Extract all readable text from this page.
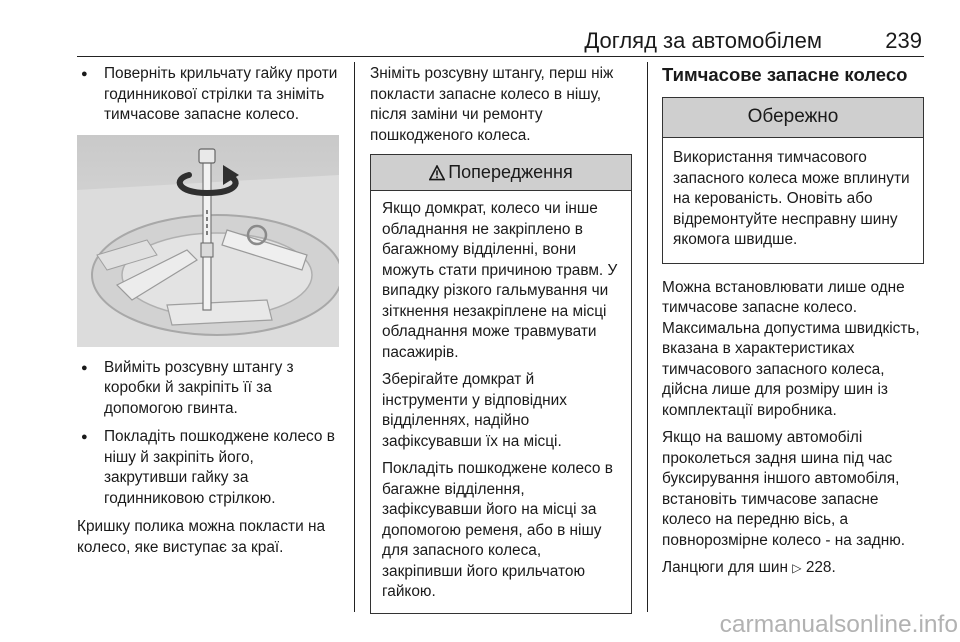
Догляд за автомобілем	239
● Поверніть крильчату гайку проти годинникової стрілки та зніміть тимчасове запасне колесо.
● Вийміть розсувну штангу з коробки й закріпіть її за допомогою гвинта.
● Покладіть пошкоджене колесо в нішу й закріпіть його, закрутивши гайку за годинниковою стрілкою.

Кришку полика можна покласти на колесо, яке виступає за краї.

Зніміть розсувну штангу, перш ніж покласти запасне колесо в нішу, після заміни чи ремонту пошкодженого колеса.

Попередження

Якщо домкрат, колесо чи інше обладнання не закріплено в багажному відділенні, вони можуть стати причиною травм. У випадку різкого гальмування чи зіткнення незакріплене на місці обладнання може травмувати пасажирів.

Зберігайте домкрат й інструменти у відповідних відділеннях, надійно зафіксувавши їх на місці.

Покладіть пошкоджене колесо в багажне відділення, зафіксувавши його на місці за допомогою ременя, або в нішу для запасного колеса, закріпивши його крильчатою гайкою.

Тимчасове запасне колесо
Обережно
Використання тимчасового запасного колеса може вплинути на керованість. Оновіть або відремонтуйте несправну шину якомога швидше.

Можна встановлювати лише одне тимчасове запасне колесо. Максимальна допустима швидкість, вказана в характеристиках тимчасового запасного колеса, дійсна лише для розміру шин із комплектації виробника.

Якщо на вашому автомобілі проколеться задня шина під час буксирування іншого автомобіля, встановіть тимчасове запасне колесо на передню вісь, а повнорозмірне колесо - на задню.

Ланцюги для шин ▷ 228.

carmanualsonline.info
